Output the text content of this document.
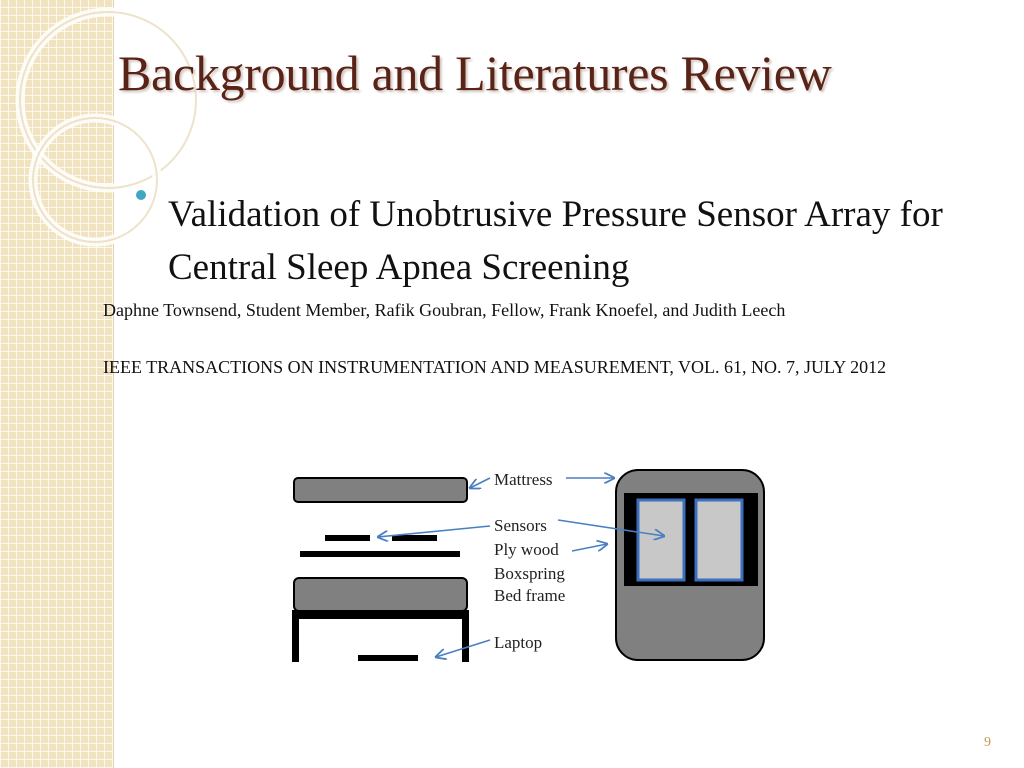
Background and Literatures Review
Validation of Unobtrusive Pressure Sensor Array for Central Sleep Apnea Screening
Daphne Townsend, Student Member, Rafik Goubran, Fellow, Frank Knoefel, and Judith Leech
IEEE TRANSACTIONS ON INSTRUMENTATION AND MEASUREMENT, VOL. 61, NO. 7, JULY 2012
Mattress
Sensors
Ply wood
Boxspring
Bed frame
Laptop
9
